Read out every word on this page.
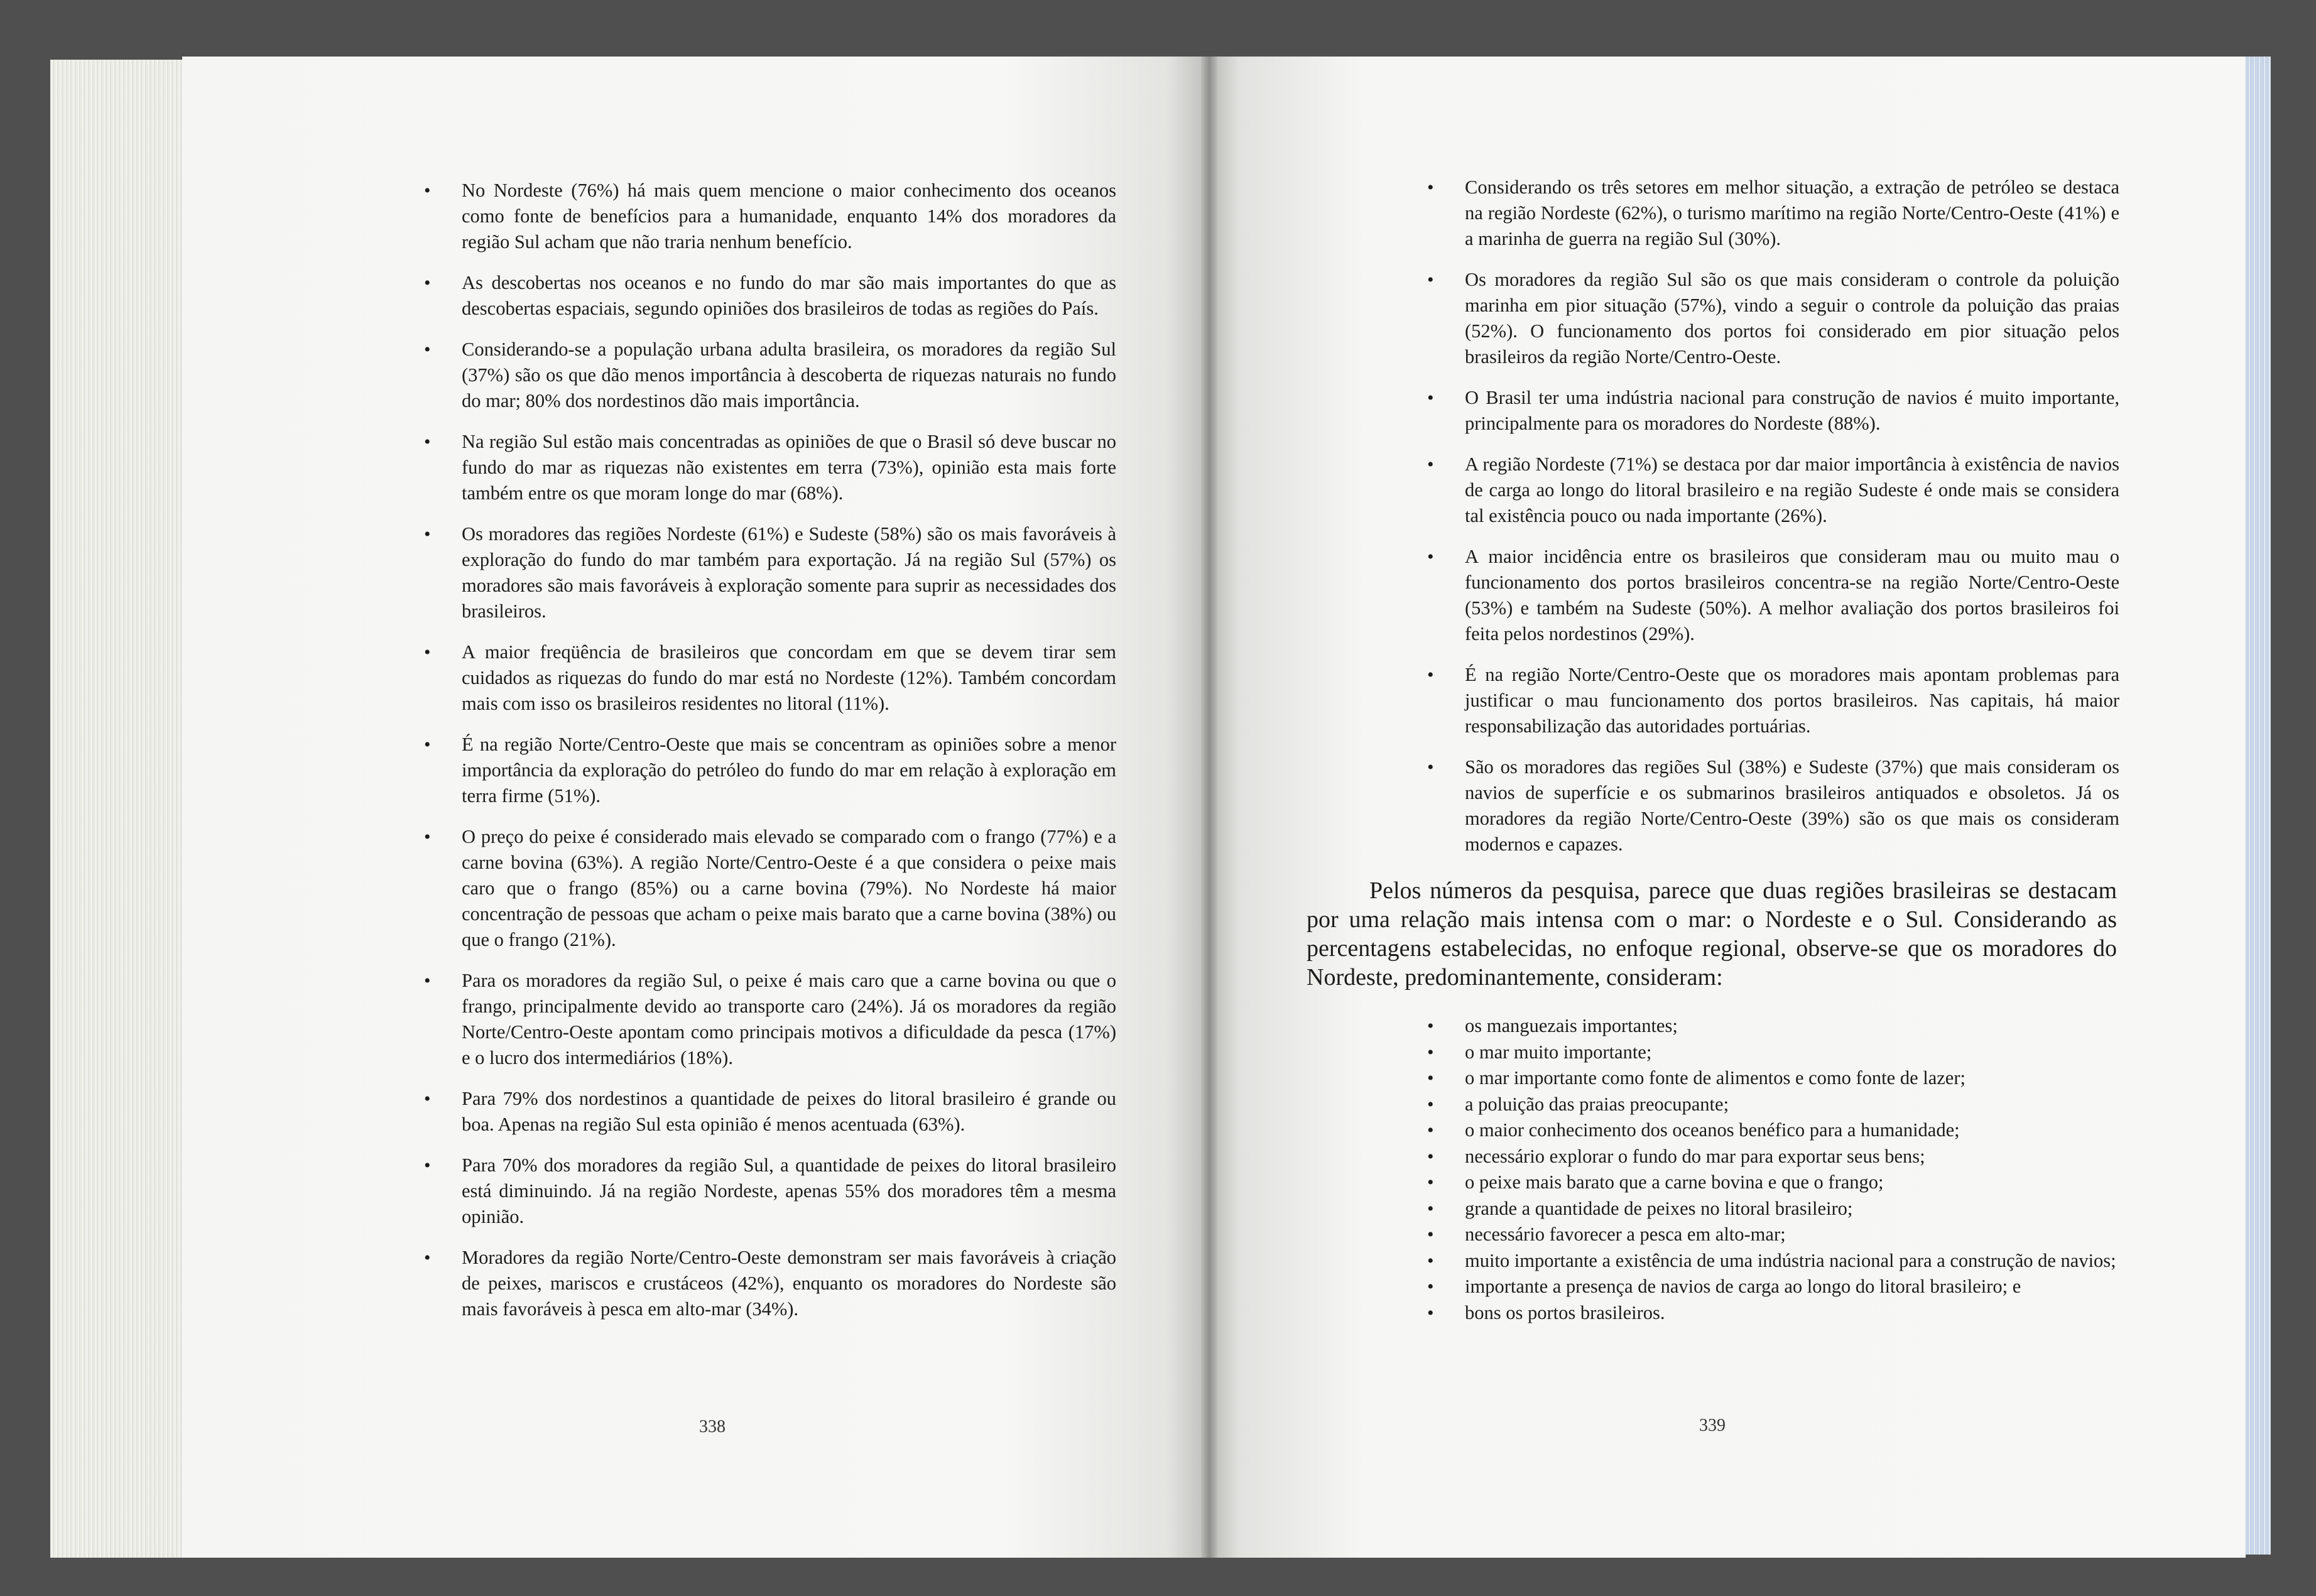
• No Nordeste (76%) há mais quem mencione o maior conhecimento dos oceanos como fonte de benefícios para a humanidade, enquanto 14% dos moradores da região Sul acham que não traria nenhum benefício.
• As descobertas nos oceanos e no fundo do mar são mais importantes do que as descobertas espaciais, segundo opiniões dos brasileiros de todas as regiões do País.
• Considerando-se a população urbana adulta brasileira, os moradores da região Sul (37%) são os que dão menos importância à descoberta de riquezas naturais no fundo do mar; 80% dos nordestinos dão mais importância.
• Na região Sul estão mais concentradas as opiniões de que o Brasil só deve buscar no fundo do mar as riquezas não existentes em terra (73%), opinião esta mais forte também entre os que moram longe do mar (68%).
• Os moradores das regiões Nordeste (61%) e Sudeste (58%) são os mais favoráveis à exploração do fundo do mar também para exportação. Já na região Sul (57%) os moradores são mais favoráveis à exploração somente para suprir as necessidades dos brasileiros.
• A maior freqüência de brasileiros que concordam em que se devem tirar sem cuidados as riquezas do fundo do mar está no Nordeste (12%). Também concordam mais com isso os brasileiros residentes no litoral (11%).
• É na região Norte/Centro-Oeste que mais se concentram as opiniões sobre a menor importância da exploração do petróleo do fundo do mar em relação à exploração em terra firme (51%).
• O preço do peixe é considerado mais elevado se comparado com o frango (77%) e a carne bovina (63%). A região Norte/Centro-Oeste é a que considera o peixe mais caro que o frango (85%) ou a carne bovina (79%). No Nordeste há maior concentração de pessoas que acham o peixe mais barato que a carne bovina (38%) ou que o frango (21%).
• Para os moradores da região Sul, o peixe é mais caro que a carne bovina ou que o frango, principalmente devido ao transporte caro (24%). Já os moradores da região Norte/Centro-Oeste apontam como principais motivos a dificuldade da pesca (17%) e o lucro dos intermediários (18%).
• Para 79% dos nordestinos a quantidade de peixes do litoral brasileiro é grande ou boa. Apenas na região Sul esta opinião é menos acentuada (63%).
• Para 70% dos moradores da região Sul, a quantidade de peixes do litoral brasileiro está diminuindo. Já na região Nordeste, apenas 55% dos moradores têm a mesma opinião.
• Moradores da região Norte/Centro-Oeste demonstram ser mais favoráveis à criação de peixes, mariscos e crustáceos (42%), enquanto os moradores do Nordeste são mais favoráveis à pesca em alto-mar (34%).
338
• Considerando os três setores em melhor situação, a extração de petróleo se destaca na região Nordeste (62%), o turismo marítimo na região Norte/Centro-Oeste (41%) e a marinha de guerra na região Sul (30%).
• Os moradores da região Sul são os que mais consideram o controle da poluição marinha em pior situação (57%), vindo a seguir o controle da poluição das praias (52%). O funcionamento dos portos foi considerado em pior situação pelos brasileiros da região Norte/Centro-Oeste.
• O Brasil ter uma indústria nacional para construção de navios é muito importante, principalmente para os moradores do Nordeste (88%).
• A região Nordeste (71%) se destaca por dar maior importância à existência de navios de carga ao longo do litoral brasileiro e na região Sudeste é onde mais se considera tal existência pouco ou nada importante (26%).
• A maior incidência entre os brasileiros que consideram mau ou muito mau o funcionamento dos portos brasileiros concentra-se na região Norte/Centro-Oeste (53%) e também na Sudeste (50%). A melhor avaliação dos portos brasileiros foi feita pelos nordestinos (29%).
• É na região Norte/Centro-Oeste que os moradores mais apontam problemas para justificar o mau funcionamento dos portos brasileiros. Nas capitais, há maior responsabilização das autoridades portuárias.
• São os moradores das regiões Sul (38%) e Sudeste (37%) que mais consideram os navios de superfície e os submarinos brasileiros antiquados e obsoletos. Já os moradores da região Norte/Centro-Oeste (39%) são os que mais os consideram modernos e capazes.

Pelos números da pesquisa, parece que duas regiões brasileiras se destacam por uma relação mais intensa com o mar: o Nordeste e o Sul. Considerando as percentagens estabelecidas, no enfoque regional, observe-se que os moradores do Nordeste, predominantemente, consideram:

• os manguezais importantes;
• o mar muito importante;
• o mar importante como fonte de alimentos e como fonte de lazer;
• a poluição das praias preocupante;
• o maior conhecimento dos oceanos benéfico para a humanidade;
• necessário explorar o fundo do mar para exportar seus bens;
• o peixe mais barato que a carne bovina e que o frango;
• grande a quantidade de peixes no litoral brasileiro;
• necessário favorecer a pesca em alto-mar;
• muito importante a existência de uma indústria nacional para a construção de navios;
• importante a presença de navios de carga ao longo do litoral brasileiro; e
• bons os portos brasileiros.
339
